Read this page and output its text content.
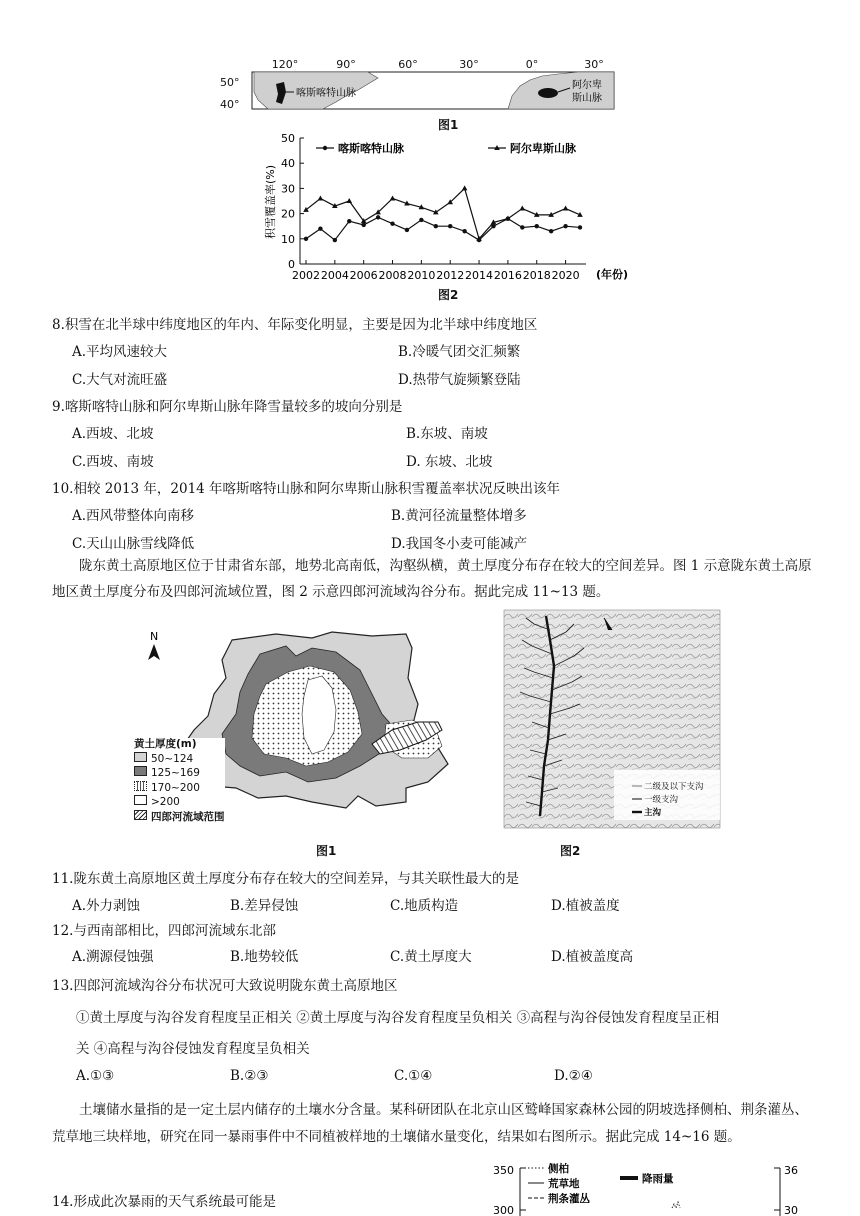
120°	90°	60°	30°	0°	30°
50°
40°
喀斯喀特山脉
阿尔卑
斯山脉
图1
0
10
20
30
40
50
2002 2004 2006 2008 2010 2012 2014 2016 2018 2020
喀斯喀特山脉	阿尔卑斯山脉
积雪覆盖率(%)
(年份)
图2
8.积雪在北半球中纬度地区的年内、年际变化明显，主要是因为北半球中纬度地区
A.平均风速较大	B.冷暖气团交汇频繁
C.大气对流旺盛	D.热带气旋频繁登陆
9.喀斯喀特山脉和阿尔卑斯山脉年降雪量较多的坡向分别是
A.西坡、北坡	B.东坡、南坡
C.西坡、南坡	D. 东坡、北坡
10.相较 2013 年，2014 年喀斯喀特山脉和阿尔卑斯山脉积雪覆盖率状况反映出该年
A.西风带整体向南移	B.黄河径流量整体增多
C.天山山脉雪线降低	D.我国冬小麦可能减产
陇东黄土高原地区位于甘肃省东部，地势北高南低，沟壑纵横，黄土厚度分布存在较大的空间差异。图 1 示意陇东黄土高原地区黄土厚度分布及四郎河流域位置，图 2 示意四郎河流域沟谷分布。据此完成 11~13 题。
N
黄土厚度(m)
50~124
125~169
170~200
>200
四郎河流域范围
图1
二级及以下支沟
一级支沟
主沟
图2
11.陇东黄土高原地区黄土厚度分布存在较大的空间差异，与其关联性最大的是
A.外力剥蚀	B.差异侵蚀	C.地质构造	D.植被盖度
12.与西南部相比，四郎河流域东北部
A.溯源侵蚀强	B.地势较低	C.黄土厚度大	D.植被盖度高
13.四郎河流域沟谷分布状况可大致说明陇东黄土高原地区
①黄土厚度与沟谷发育程度呈正相关 ②黄土厚度与沟谷发育程度呈负相关 ③高程与沟谷侵蚀发育程度呈正相
关 ④高程与沟谷侵蚀发育程度呈负相关
A.①③	B.②③	C.①④	D.②④
土壤储水量指的是一定土层内储存的土壤水分含量。某科研团队在北京山区鹫峰国家森林公园的阴坡选择侧柏、荆条灌丛、荒草地三块样地，研究在同一暴雨事件中不同植被样地的土壤储水量变化，结果如右图所示。据此完成 14~16 题。
14.形成此次暴雨的天气系统最可能是
350
300
36
30
侧柏
荒草地
荆条灌丛
降雨量
